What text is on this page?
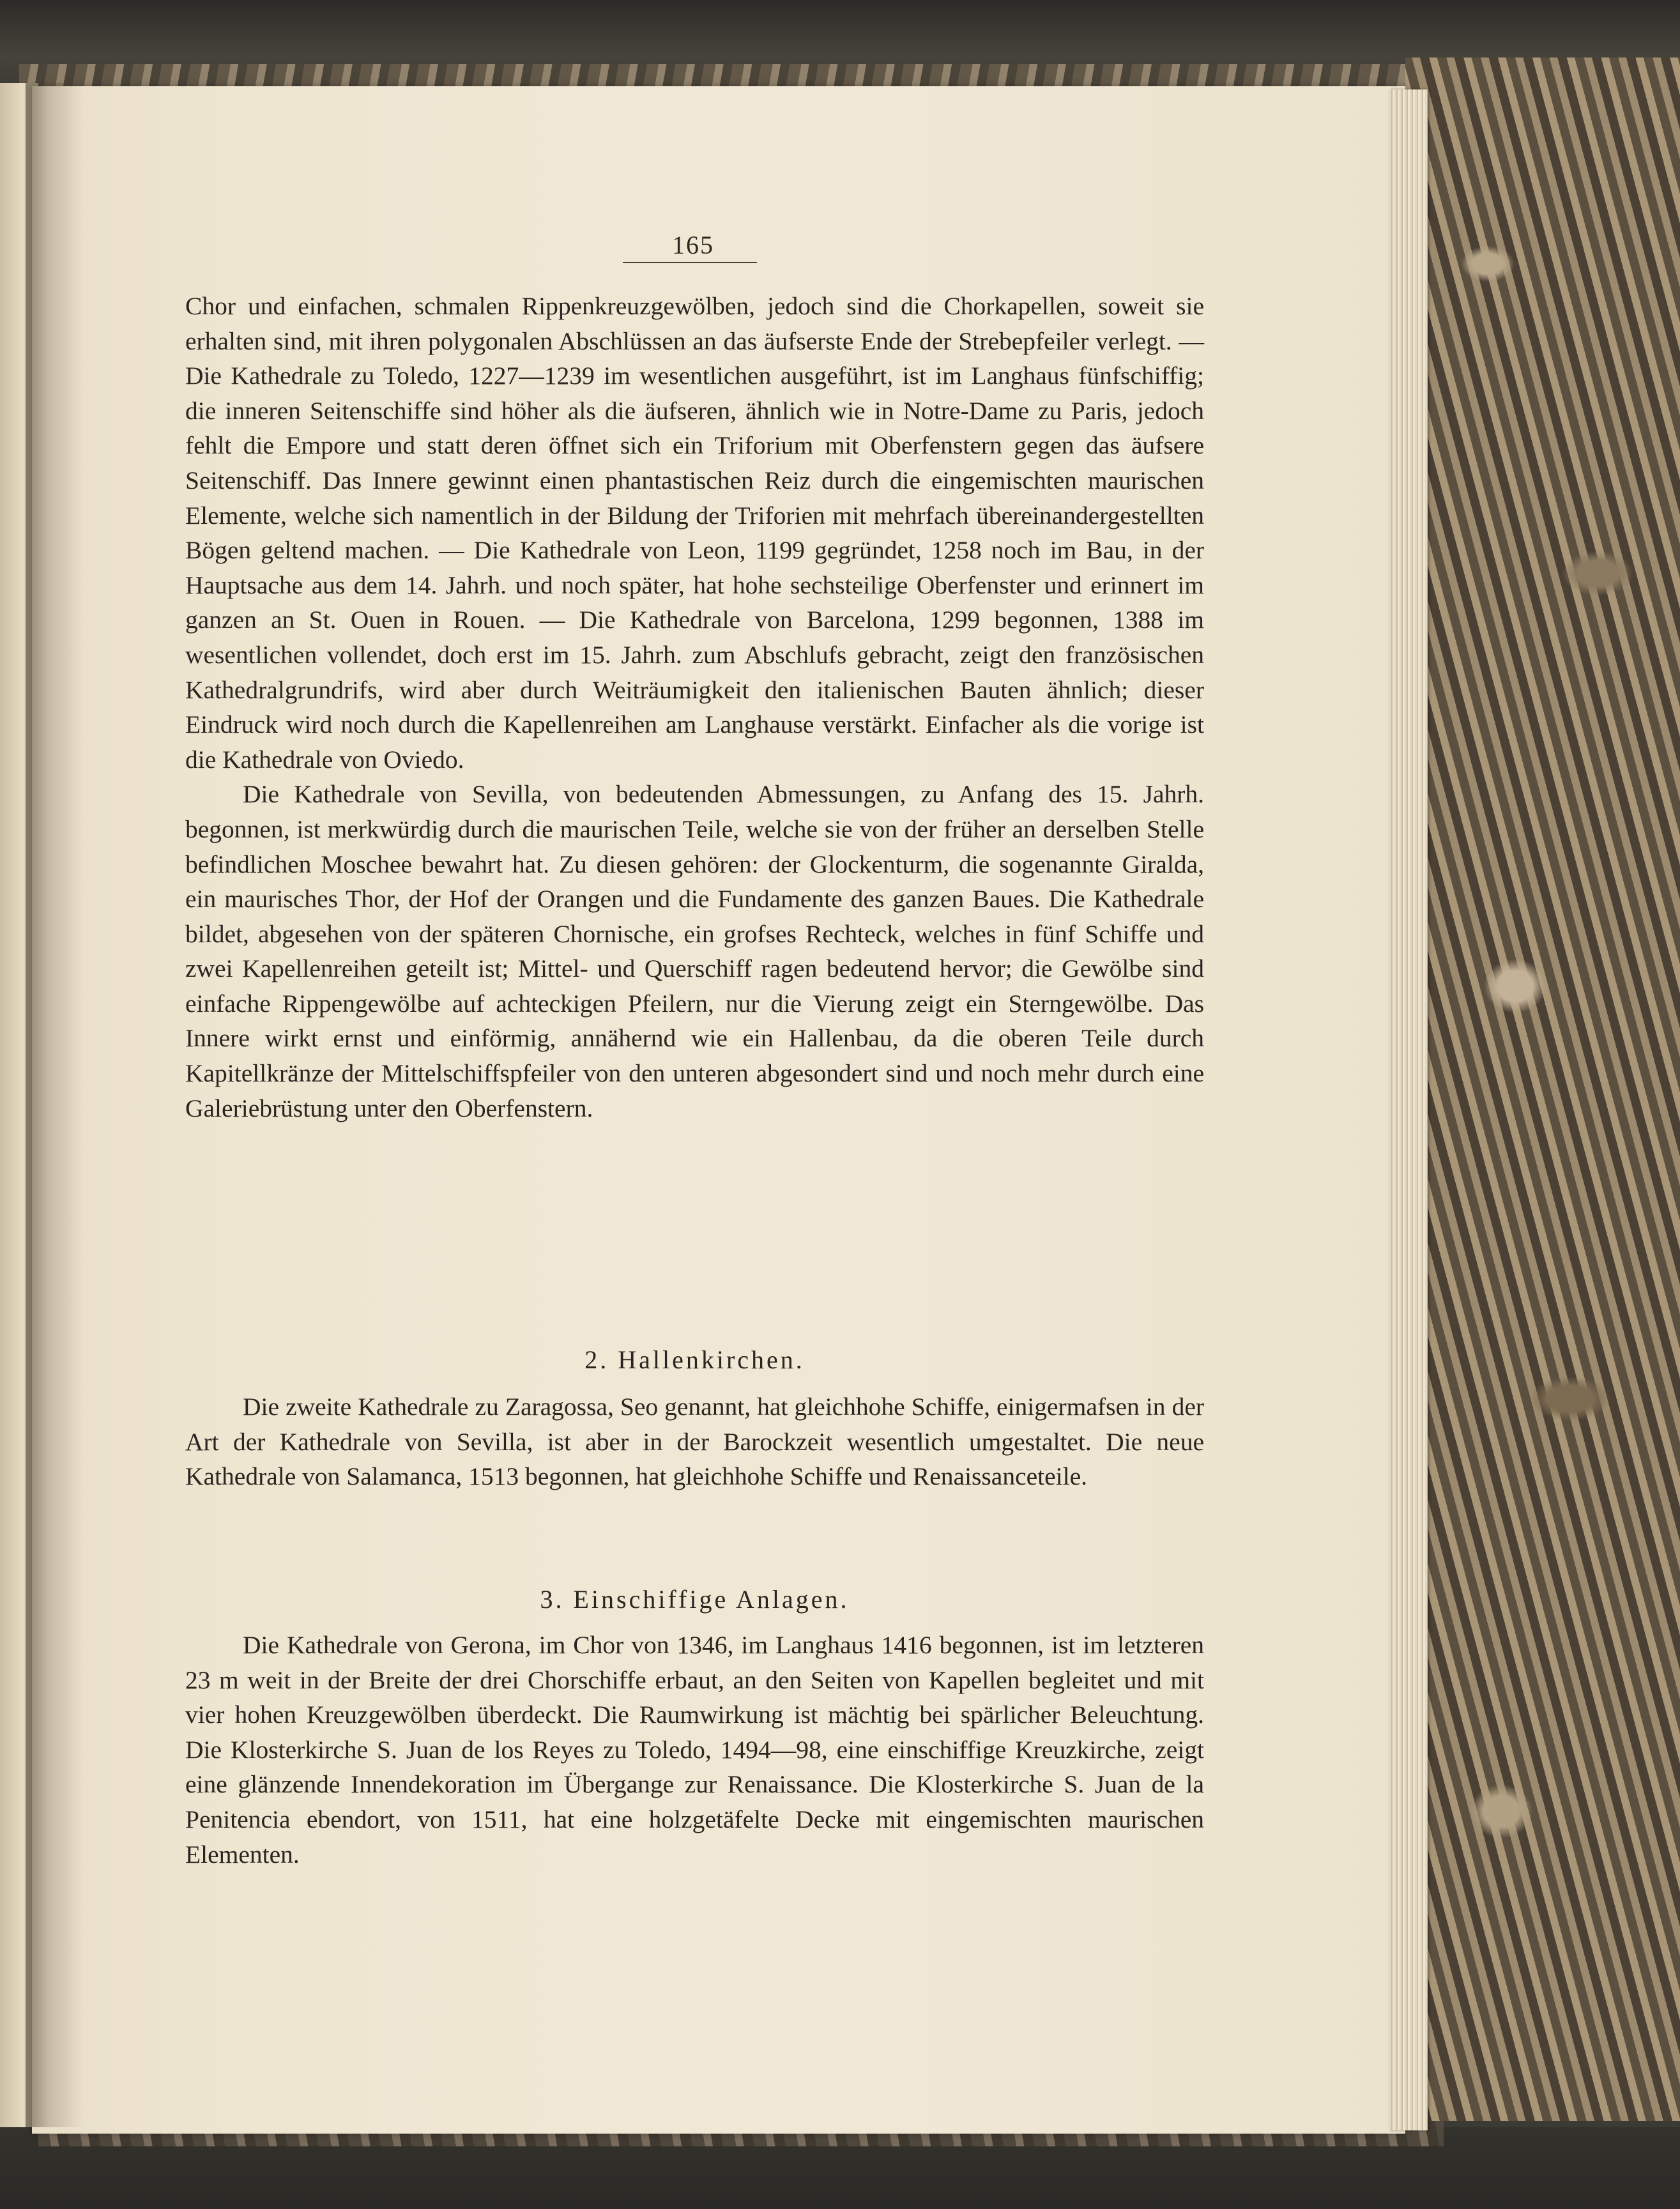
165

Chor und einfachen, schmalen Rippenkreuzgewölben, jedoch sind die Chorkapellen, soweit sie erhalten sind, mit ihren polygonalen Abschlüssen an das äufserste Ende der Strebepfeiler verlegt. — Die Kathedrale zu Toledo, 1227—1239 im wesentlichen ausgeführt, ist im Langhaus fünfschiffig; die inneren Seitenschiffe sind höher als die äufseren, ähnlich wie in Notre-Dame zu Paris, jedoch fehlt die Empore und statt deren öffnet sich ein Triforium mit Oberfenstern gegen das äufsere Seitenschiff. Das Innere gewinnt einen phantastischen Reiz durch die eingemischten maurischen Elemente, welche sich namentlich in der Bildung der Triforien mit mehrfach übereinandergestellten Bögen geltend machen. — Die Kathedrale von Leon, 1199 gegründet, 1258 noch im Bau, in der Hauptsache aus dem 14. Jahrh. und noch später, hat hohe sechsteilige Oberfenster und erinnert im ganzen an St. Ouen in Rouen. — Die Kathedrale von Barcelona, 1299 begonnen, 1388 im wesentlichen vollendet, doch erst im 15. Jahrh. zum Abschlufs gebracht, zeigt den französischen Kathedralgrundrifs, wird aber durch Weiträumigkeit den italienischen Bauten ähnlich; dieser Eindruck wird noch durch die Kapellenreihen am Langhause verstärkt. Einfacher als die vorige ist die Kathedrale von Oviedo.

Die Kathedrale von Sevilla, von bedeutenden Abmessungen, zu Anfang des 15. Jahrh. begonnen, ist merkwürdig durch die maurischen Teile, welche sie von der früher an derselben Stelle befindlichen Moschee bewahrt hat. Zu diesen gehören: der Glockenturm, die sogenannte Giralda, ein maurisches Thor, der Hof der Orangen und die Fundamente des ganzen Baues. Die Kathedrale bildet, abgesehen von der späteren Chornische, ein grofses Rechteck, welches in fünf Schiffe und zwei Kapellenreihen geteilt ist; Mittel- und Querschiff ragen bedeutend hervor; die Gewölbe sind einfache Rippengewölbe auf achteckigen Pfeilern, nur die Vierung zeigt ein Sterngewölbe. Das Innere wirkt ernst und einförmig, annähernd wie ein Hallenbau, da die oberen Teile durch Kapitellkränze der Mittelschiffspfeiler von den unteren abgesondert sind und noch mehr durch eine Galeriebrüstung unter den Oberfenstern.

2. Hallenkirchen.

Die zweite Kathedrale zu Zaragossa, Seo genannt, hat gleichhohe Schiffe, einigermafsen in der Art der Kathedrale von Sevilla, ist aber in der Barockzeit wesentlich umgestaltet. Die neue Kathedrale von Salamanca, 1513 begonnen, hat gleichhohe Schiffe und Renaissanceteile.

3. Einschiffige Anlagen.

Die Kathedrale von Gerona, im Chor von 1346, im Langhaus 1416 begonnen, ist im letzteren 23 m weit in der Breite der drei Chorschiffe erbaut, an den Seiten von Kapellen begleitet und mit vier hohen Kreuzgewölben überdeckt. Die Raumwirkung ist mächtig bei spärlicher Beleuchtung. Die Klosterkirche S. Juan de los Reyes zu Toledo, 1494—98, eine einschiffige Kreuzkirche, zeigt eine glänzende Innendekoration im Übergange zur Renaissance. Die Klosterkirche S. Juan de la Penitencia ebendort, von 1511, hat eine holzgetäfelte Decke mit eingemischten maurischen Elementen.
